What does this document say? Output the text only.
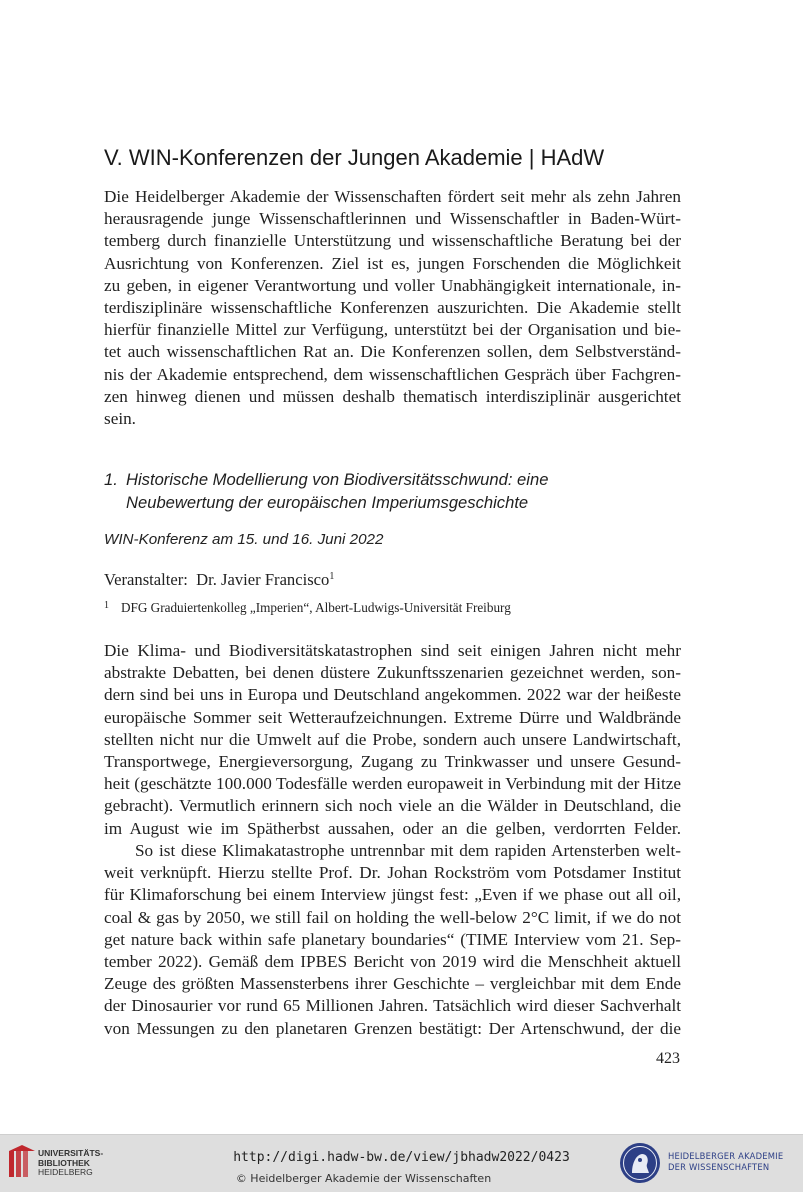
V. WIN-Konferenzen der Jungen Akademie | HAdW
Die Heidelberger Akademie der Wissenschaften fördert seit mehr als zehn Jahren
herausragende junge Wissenschaftlerinnen und Wissenschaftler in Baden-Würt-
temberg durch finanzielle Unterstützung und wissenschaftliche Beratung bei der
Ausrichtung von Konferenzen. Ziel ist es, jungen Forschenden die Möglichkeit
zu geben, in eigener Verantwortung und voller Unabhängigkeit internationale, in-
terdisziplinäre wissenschaftliche Konferenzen auszurichten. Die Akademie stellt
hierfür finanzielle Mittel zur Verfügung, unterstützt bei der Organisation und bie-
tet auch wissenschaftlichen Rat an. Die Konferenzen sollen, dem Selbstverständ-
nis der Akademie entsprechend, dem wissenschaftlichen Gespräch über Fachgren-
zen hinweg dienen und müssen deshalb thematisch interdisziplinär ausgerichtet
sein.
1. Historische Modellierung von Biodiversitätsschwund: eine
Neubewertung der europäischen Imperiumsgeschichte
WIN-Konferenz am 15. und 16. Juni 2022
Veranstalter: Dr. Javier Francisco$^1$
1 DFG Graduiertenkolleg „Imperien“, Albert-Ludwigs-Universität Freiburg
Die Klima- und Biodiversitätskatastrophen sind seit einigen Jahren nicht mehr
abstrakte Debatten, bei denen düstere Zukunftsszenarien gezeichnet werden, son-
dern sind bei uns in Europa und Deutschland angekommen. 2022 war der heißeste
europäische Sommer seit Wetteraufzeichnungen. Extreme Dürre und Waldbrände
stellten nicht nur die Umwelt auf die Probe, sondern auch unsere Landwirtschaft,
Transportwege, Energieversorgung, Zugang zu Trinkwasser und unsere Gesund-
heit (geschätzte 100.000 Todesfälle werden europaweit in Verbindung mit der Hitze
gebracht). Vermutlich erinnern sich noch viele an die Wälder in Deutschland, die
im August wie im Spätherbst aussahen, oder an die gelben, verdorrten Felder.
So ist diese Klimakatastrophe untrennbar mit dem rapiden Artensterben welt-
weit verknüpft. Hierzu stellte Prof. Dr. Johan Rockström vom Potsdamer Institut
für Klimaforschung bei einem Interview jüngst fest: „Even if we phase out all oil,
coal & gas by 2050, we still fail on holding the well-below 2°C limit, if we do not
get nature back within safe planetary boundaries“ (TIME Interview vom 21. Sep-
tember 2022). Gemäß dem IPBES Bericht von 2019 wird die Menschheit aktuell
Zeuge des größten Massensterbens ihrer Geschichte – vergleichbar mit dem Ende
der Dinosaurier vor rund 65 Millionen Jahren. Tatsächlich wird dieser Sachverhalt
von Messungen zu den planetaren Grenzen bestätigt: Der Artenschwund, der die
423
UNIVERSITÄTS-
BIBLIOTHEK
HEIDELBERG
http://digi.hadw-bw.de/view/jbhadw2022/0423
© Heidelberger Akademie der Wissenschaften
HEIDELBERGER AKADEMIE
DER WISSENSCHAFTEN
